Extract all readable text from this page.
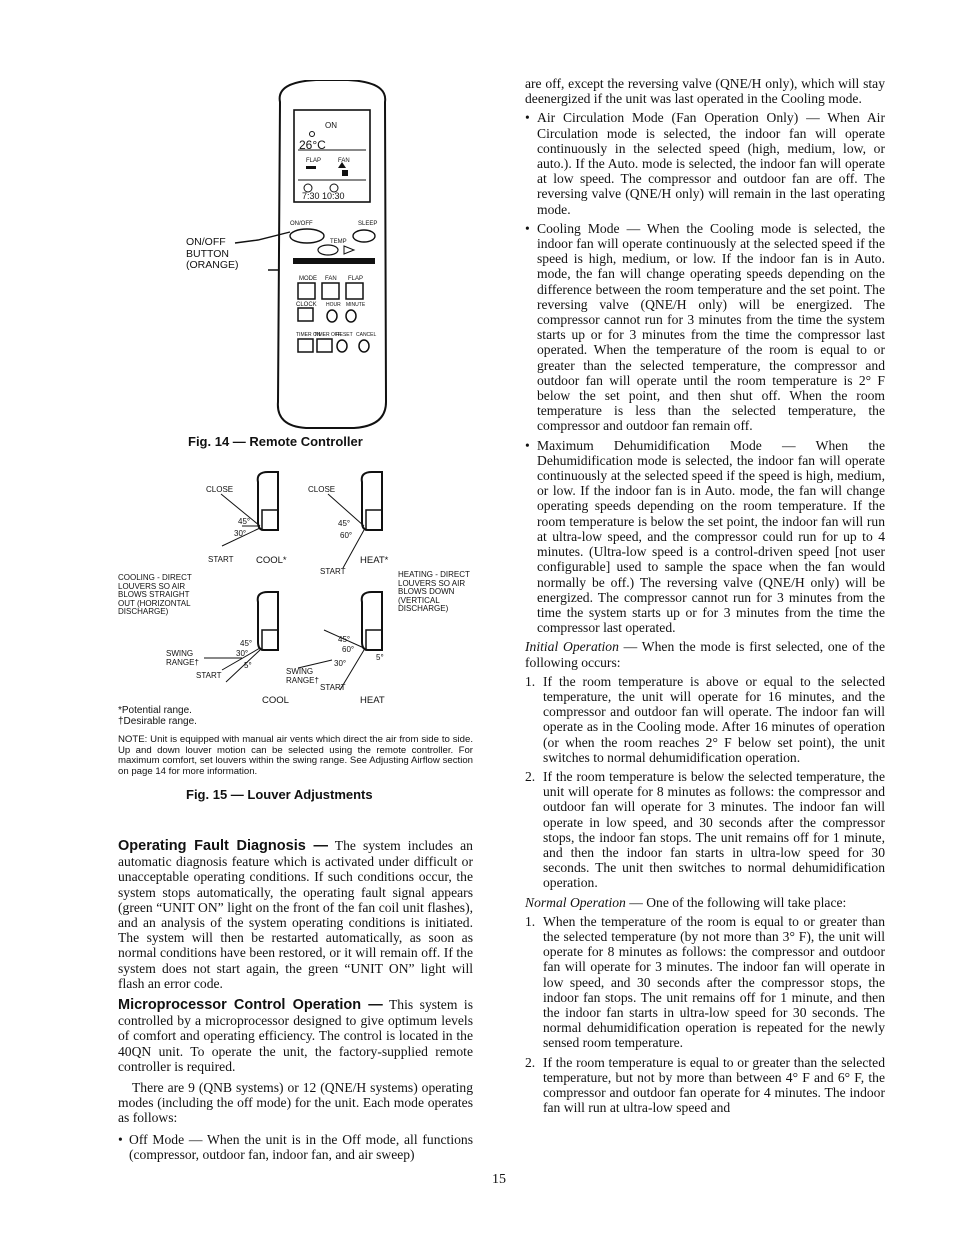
ON
26°C
FLAP	FAN
7:30 10:30
ON/OFF	SLEEP
TEMP
MODE FAN FLAP
CLOCK HOUR MINUTE
TIMER ON
TIMER OFF
RESET CANCEL
ON/OFF
BUTTON
(ORANGE)
Fig. 14 — Remote Controller
CLOSE	CLOSE
45°
30°
45°
60°
START COOL*	HEAT*
START
COOLING - DIRECT
LOUVERS SO AIR
BLOWS STRAIGHT
OUT (HORIZONTAL
DISCHARGE)
HEATING - DIRECT
LOUVERS SO AIR
BLOWS DOWN
(VERTICAL
DISCHARGE)
45°
30°
5°
SWING
RANGE†
START
45°
60°
30°
5°
SWING
RANGE†
START
COOL	HEAT
*Potential range.
†Desirable range.
NOTE: Unit is equipped with manual air vents which direct the air from side to side. Up and down louver motion can be selected using the remote controller. For maximum comfort, set louvers within the swing range. See Adjusting Airflow section on page 14 for more information.
Fig. 15 — Louver Adjustments

Operating Fault Diagnosis — The system includes an automatic diagnosis feature which is activated under difficult or unacceptable operating conditions. If such conditions occur, the system stops automatically, the operating fault signal appears (green “UNIT ON” light on the front of the fan coil unit flashes), and an analysis of the system operating conditions is initiated. The system will then be restarted automatically, as soon as normal conditions have been restored, or it will remain off. If the system does not start again, the green “UNIT ON” light will flash an error code.

Microprocessor Control Operation — This system is controlled by a microprocessor designed to give optimum levels of comfort and operating efficiency. The control is located in the 40QN unit. To operate the unit, the factory-supplied remote controller is required.

There are 9 (QNB systems) or 12 (QNE/H systems) operating modes (including the off mode) for the unit. Each mode operates as follows:

• Off Mode — When the unit is in the Off mode, all functions (compressor, outdoor fan, indoor fan, and air sweep)

are off, except the reversing valve (QNE/H only), which will stay deenergized if the unit was last operated in the Cooling mode.

• Air Circulation Mode (Fan Operation Only) — When Air Circulation mode is selected, the indoor fan will operate continuously in the selected speed (high, medium, low, or auto.). If the Auto. mode is selected, the indoor fan will operate at low speed. The compressor and outdoor fan are off. The reversing valve (QNE/H only) will remain in the last operating mode.

• Cooling Mode — When the Cooling mode is selected, the indoor fan will operate continuously at the selected speed if the speed is high, medium, or low. If the indoor fan is in Auto. mode, the fan will change operating speeds depending on the difference between the room temperature and the set point. The reversing valve (QNE/H only) will be energized. The compressor cannot run for 3 minutes from the time the system starts up or for 3 minutes from the time the compressor last operated. When the temperature of the room is equal to or greater than the selected temperature, the compressor and outdoor fan will operate until the room temperature is 2° F below the set point, and then shut off. When the room temperature is less than the selected temperature, the compressor and outdoor fan remain off.

• Maximum Dehumidification Mode — When the Dehumidification mode is selected, the indoor fan will operate continuously at the selected speed if the speed is high, medium, or low. If the indoor fan is in Auto. mode, the fan will change operating speeds depending on the room temperature. If the room temperature is below the set point, the indoor fan will run at ultra-low speed, and the compressor could run for up to 4 minutes. (Ultra-low speed is a control-driven speed [not user configurable] used to sample the space when the fan would normally be off.) The reversing valve (QNE/H only) will be energized. The compressor cannot run for 3 minutes from the time the system starts up or for 3 minutes from the time the compressor last operated.

Initial Operation — When the mode is first selected, one of the following occurs:

1. If the room temperature is above or equal to the selected temperature, the unit will operate for 16 minutes, and the compressor and outdoor fan will operate. The indoor fan will operate as in the Cooling mode. After 16 minutes of operation (or when the room reaches 2° F below set point), the unit switches to normal dehumidification operation.
2. If the room temperature is below the selected temperature, the unit will operate for 8 minutes as follows: the compressor and outdoor fan will operate for 3 minutes. The indoor fan will operate in low speed, and 30 seconds after the compressor stops, the indoor fan stops. The unit remains off for 1 minute, and then the indoor fan starts in ultra-low speed for 30 seconds. The unit then switches to normal dehumidification operation.

Normal Operation — One of the following will take place:

1. When the temperature of the room is equal to or greater than the selected temperature (by not more than 3° F), the unit will operate for 8 minutes as follows: the compressor and outdoor fan will operate for 3 minutes. The indoor fan will operate in low speed, and 30 seconds after the compressor stops, the indoor fan stops. The unit remains off for 1 minute, and then the indoor fan starts in ultra-low speed for 30 seconds. The normal dehumidification operation is repeated for the newly sensed room temperature.
2. If the room temperature is equal to or greater than the selected temperature, but not by more than between 4° F and 6° F, the compressor and outdoor fan operate for 4 minutes. The indoor fan will run at ultra-low speed and
15
